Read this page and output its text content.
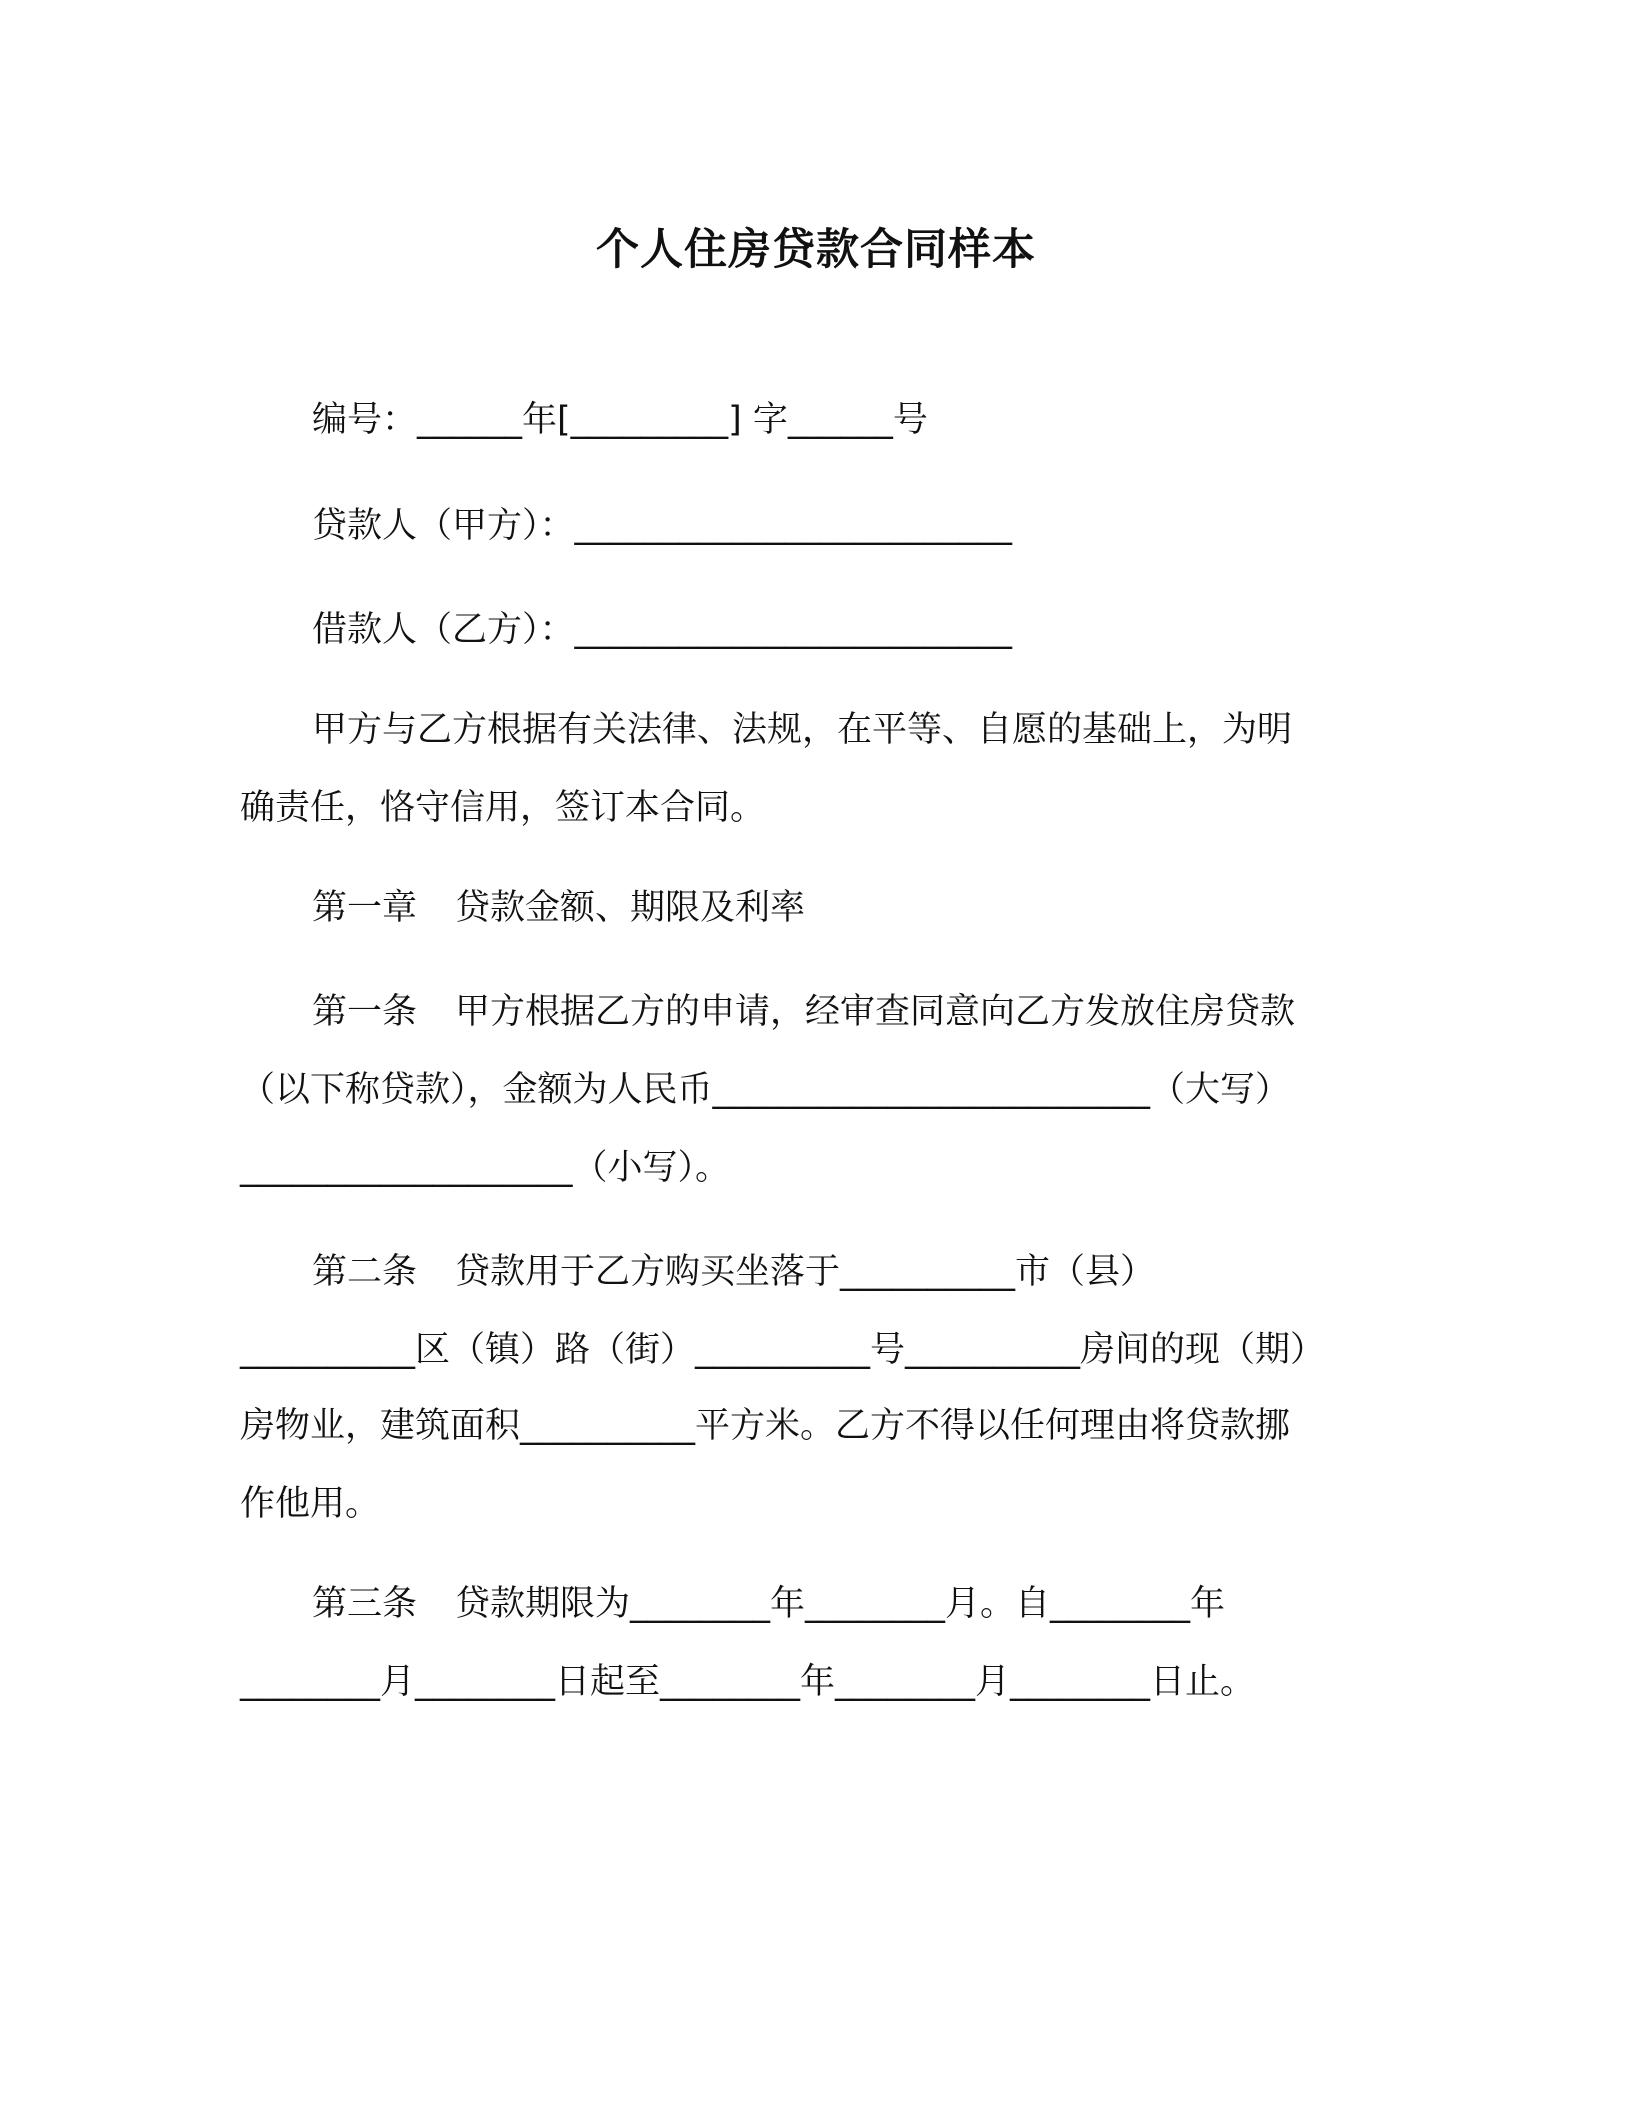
个人住房贷款合同样本
编号：______年[_________] 字______号
贷款人（甲方）：_________________________
借款人（乙方）：_________________________
甲方与乙方根据有关法律、法规，在平等、自愿的基础上，为明
确责任，恪守信用，签订本合同。
第一章 贷款金额、期限及利率
第一条 甲方根据乙方的申请，经审查同意向乙方发放住房贷款
（以下称贷款），金额为人民币_________________________（大写）
___________________（小写）。
第二条 贷款用于乙方购买坐落于__________市（县）
__________区（镇）路（街）__________号__________房间的现（期）
房物业，建筑面积__________平方米。乙方不得以任何理由将贷款挪
作他用。
第三条 贷款期限为________年________月。自________年
________月________日起至________年________月________日止。
